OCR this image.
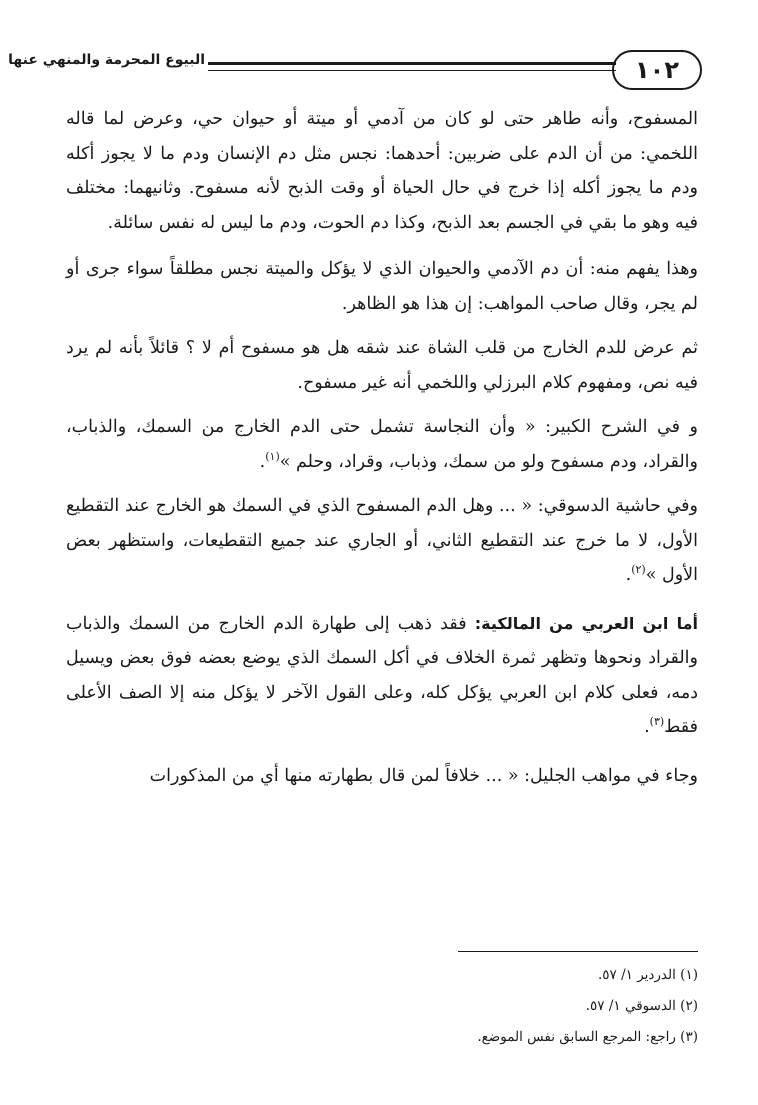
١٠٢
البيوع المحرمة والمنهي عنها

المسفوح، وأنه طاهر حتى لو كان من آدمي أو ميتة أو حيوان حي، وعرض لما قاله اللخمي: من أن الدم على ضربين: أحدهما: نجس مثل دم الإنسان ودم ما لا يجوز أكله ودم ما يجوز أكله إذا خرج في حال الحياة أو وقت الذبح لأنه مسفوح. وثانيهما: مختلف فيه وهو ما بقي في الجسم بعد الذبح، وكذا دم الحوت، ودم ما ليس له نفس سائلة.

وهذا يفهم منه: أن دم الآدمي والحيوان الذي لا يؤكل والميتة نجس مطلقاً سواء جرى أو لم يجر، وقال صاحب المواهب: إن هذا هو الظاهر.

ثم عرض للدم الخارج من قلب الشاة عند شقه هل هو مسفوح أم لا ؟ قائلاً بأنه لم يرد فيه نص، ومفهوم كلام البرزلي واللخمي أنه غير مسفوح.

و في الشرح الكبير: « وأن النجاسة تشمل حتى الدم الخارج من السمك، والذباب، والقراد، ودم مسفوح ولو من سمك، وذباب، وقراد، وحلم »$^{(١)}$.

وفي حاشية الدسوقي: « ... وهل الدم المسفوح الذي في السمك هو الخارج عند التقطيع الأول، لا ما خرج عند التقطيع الثاني، أو الجاري عند جميع التقطيعات، واستظهر بعض الأول »$^{(٢)}$.

أما ابن العربي من المالكية: فقد ذهب إلى طهارة الدم الخارج من السمك والذباب والقراد ونحوها وتظهر ثمرة الخلاف في أكل السمك الذي يوضع بعضه فوق بعض ويسيل دمه، فعلى كلام ابن العربي يؤكل كله، وعلى القول الآخر لا يؤكل منه إلا الصف الأعلى فقط$^{(٣)}$.

وجاء في مواهب الجليل: « ... خلافاً لمن قال بطهارته منها أي من المذكورات

(١) الدردير ١/ ٥٧.
(٢) الدسوقي ١/ ٥٧.
(٣) راجع: المرجع السابق نفس الموضع.
